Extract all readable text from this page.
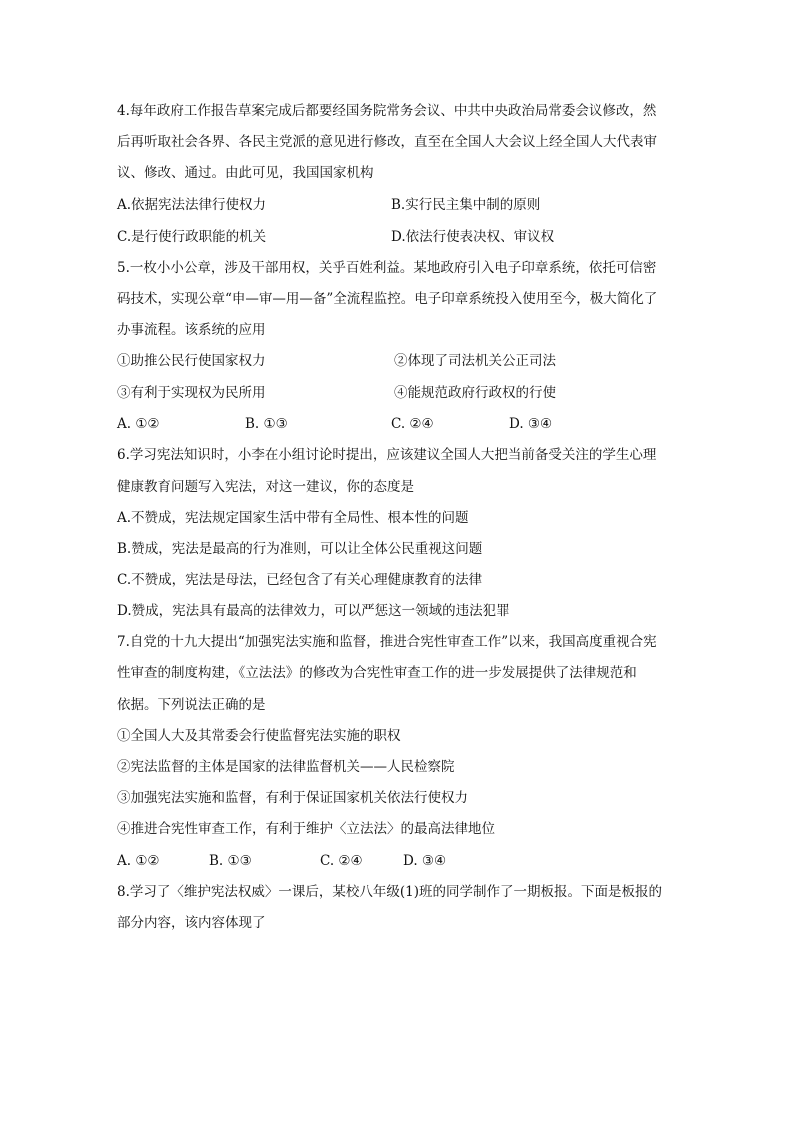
4.每年政府工作报告草案完成后都要经国务院常务会议、中共中央政治局常委会议修改，然
后再听取社会各界、各民主党派的意见进行修改，直至在全国人大会议上经全国人大代表审
议、修改、通过。由此可见，我国国家机构
A.依据宪法法律行使权力	B.实行民主集中制的原则
C.是行使行政职能的机关	D.依法行使表决权、审议权
5.一枚小小公章，涉及干部用权，关乎百姓利益。某地政府引入电子印章系统，依托可信密
码技术，实现公章“申—审—用—备”全流程监控。电子印章系统投入使用至今，极大简化了
办事流程。该系统的应用
①助推公民行使国家权力	②体现了司法机关公正司法
③有利于实现权为民所用	④能规范政府行政权的行使
A. ①②	B. ①③	C. ②④	D. ③④
6.学习宪法知识时，小李在小组讨论时提出，应该建议全国人大把当前备受关注的学生心理
健康教育问题写入宪法，对这一建议，你的态度是
A.不赞成，宪法规定国家生活中带有全局性、根本性的问题
B.赞成，宪法是最高的行为准则，可以让全体公民重视这问题
C.不赞成，宪法是母法，已经包含了有关心理健康教育的法律
D.赞成，宪法具有最高的法律效力，可以严惩这一领域的违法犯罪
7.自党的十九大提出“加强宪法实施和监督，推进合宪性审查工作”以来，我国高度重视合宪
性审查的制度构建，《立法法》的修改为合宪性审查工作的进一步发展提供了法律规范和
依据。下列说法正确的是
①全国人大及其常委会行使监督宪法实施的职权
②宪法监督的主体是国家的法律监督机关——人民检察院
③加强宪法实施和监督，有利于保证国家机关依法行使权力
④推进合宪性审查工作，有利于维护〈立法法〉的最高法律地位
A. ①②	B. ①③	C. ②④	D. ③④
8.学习了〈维护宪法权威〉一课后，某校八年级(1)班的同学制作了一期板报。下面是板报的
部分内容，该内容体现了
